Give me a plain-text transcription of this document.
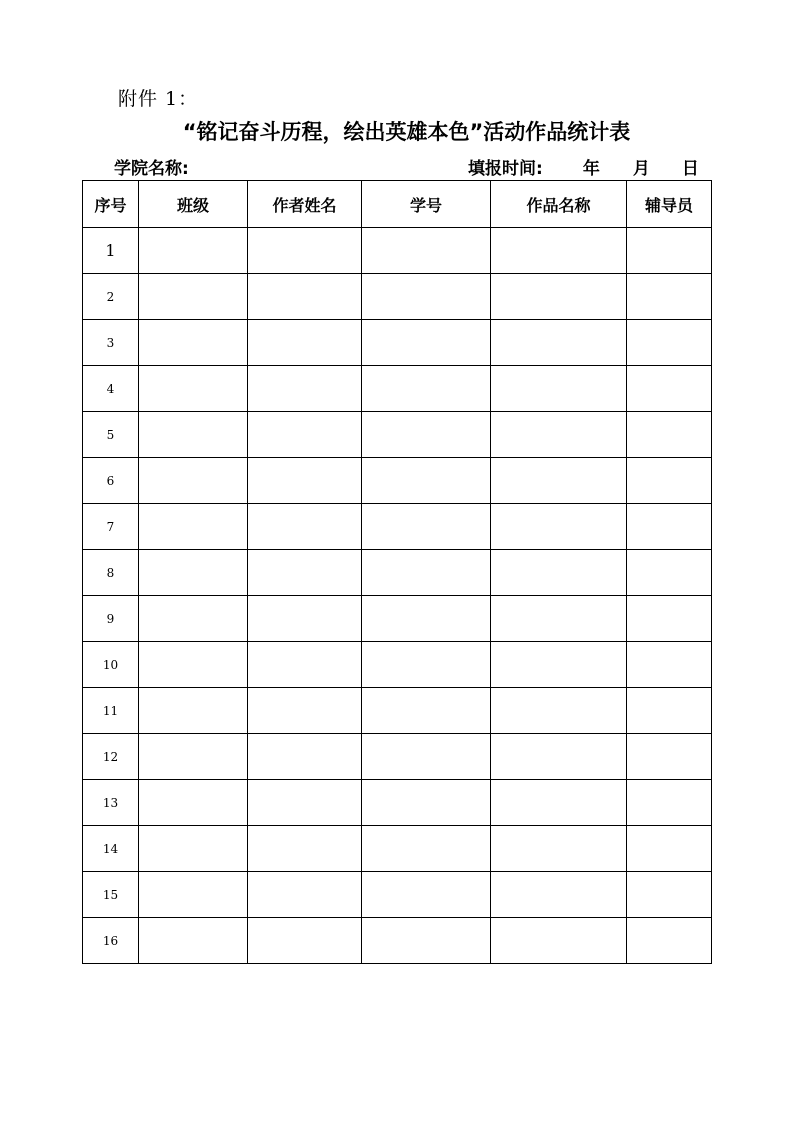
附件 1：
“铭记奋斗历程，绘出英雄本色”活动作品统计表
学院名称:	填报时间: 年 月 日
序号	班级	作者姓名	学号	作品名称	辅导员
1					
2					
3					
4					
5					
6					
7					
8					
9					
10					
11					
12					
13					
14					
15					
16					
